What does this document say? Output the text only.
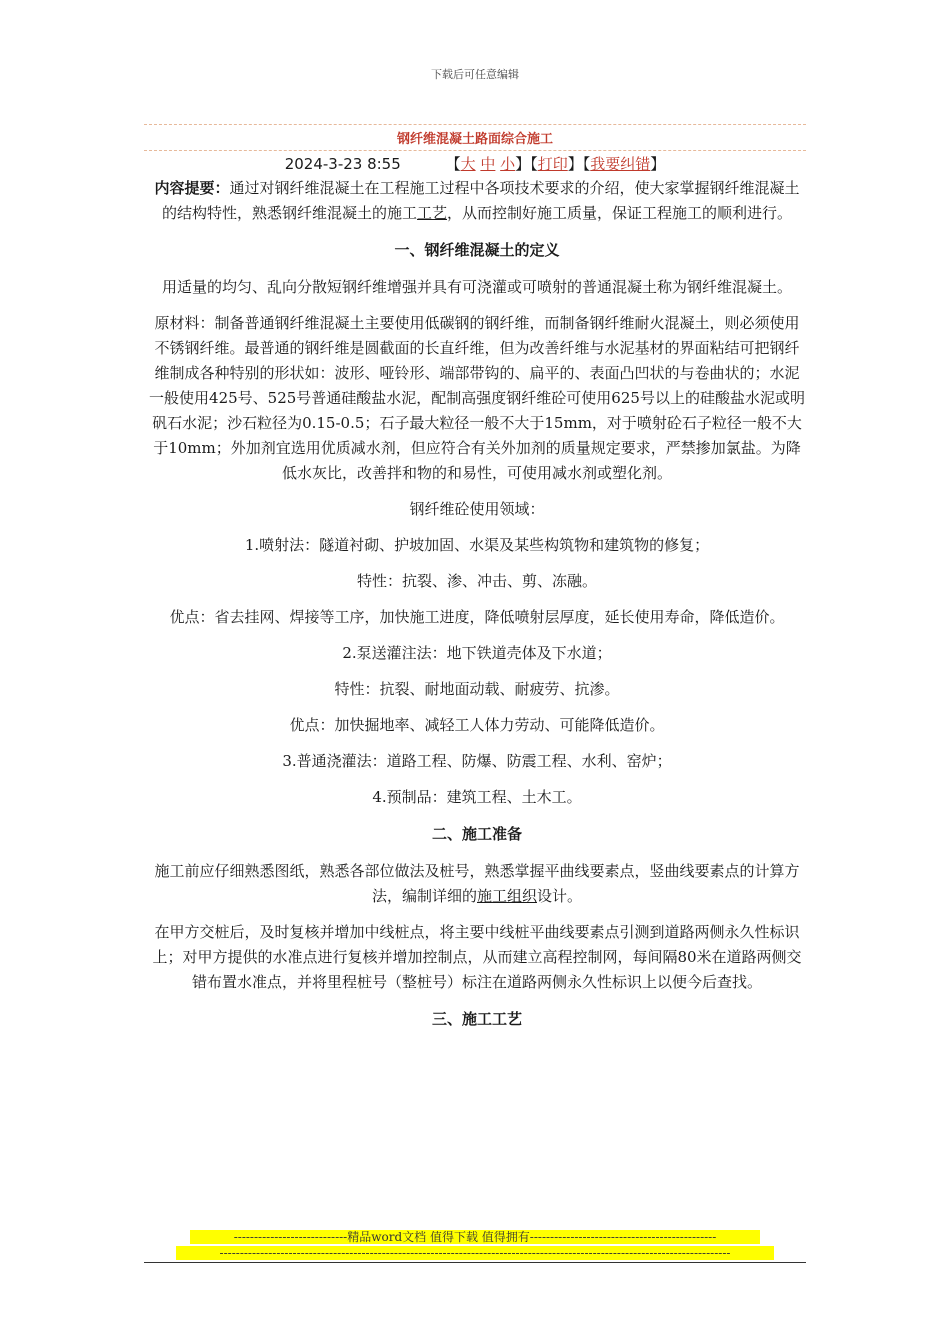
下载后可任意编辑
钢纤维混凝土路面综合施工
2024-3-23 8:55	【大 中 小】【打印】【我要纠错】

内容提要：通过对钢纤维混凝土在工程施工过程中各项技术要求的介绍，使大家掌握钢纤维混凝土的结构特性，熟悉钢纤维混凝土的施工工艺，从而控制好施工质量，保证工程施工的顺利进行。

一、钢纤维混凝土的定义

用适量的均匀、乱向分散短钢纤维增强并具有可浇灌或可喷射的普通混凝土称为钢纤维混凝土。

原材料：制备普通钢纤维混凝土主要使用低碳钢的钢纤维，而制备钢纤维耐火混凝土，则必须使用不锈钢纤维。最普通的钢纤维是圆截面的长直纤维，但为改善纤维与水泥基材的界面粘结可把钢纤维制成各种特别的形状如：波形、哑铃形、端部带钩的、扁平的、表面凸凹状的与卷曲状的；水泥一般使用425号、525号普通硅酸盐水泥，配制高强度钢纤维砼可使用625号以上的硅酸盐水泥或明矾石水泥；沙石粒径为0.15-0.5；石子最大粒径一般不大于15mm，对于喷射砼石子粒径一般不大于10mm；外加剂宜选用优质减水剂，但应符合有关外加剂的质量规定要求，严禁掺加氯盐。为降低水灰比，改善拌和物的和易性，可使用减水剂或塑化剂。

钢纤维砼使用领域：

1.喷射法：隧道衬砌、护坡加固、水渠及某些构筑物和建筑物的修复；

特性：抗裂、渗、冲击、剪、冻融。

优点：省去挂网、焊接等工序，加快施工进度，降低喷射层厚度，延长使用寿命，降低造价。

2.泵送灌注法：地下铁道壳体及下水道；

特性：抗裂、耐地面动载、耐疲劳、抗渗。

优点：加快掘地率、减轻工人体力劳动、可能降低造价。

3.普通浇灌法：道路工程、防爆、防震工程、水利、窑炉；

4.预制品：建筑工程、土木工。

二、施工准备

施工前应仔细熟悉图纸，熟悉各部位做法及桩号，熟悉掌握平曲线要素点，竖曲线要素点的计算方法，编制详细的施工组织设计。

在甲方交桩后，及时复核并增加中线桩点，将主要中线桩平曲线要素点引测到道路两侧永久性标识上；对甲方提供的水准点进行复核并增加控制点，从而建立高程控制网，每间隔80米在道路两侧交错布置水准点，并将里程桩号（整桩号）标注在道路两侧永久性标识上以便今后查找。

三、施工工艺

----------------------------精品word文档 值得下载 值得拥有----------------------------------------------
------------------------------------------------------------------------------------------------------------------------------
